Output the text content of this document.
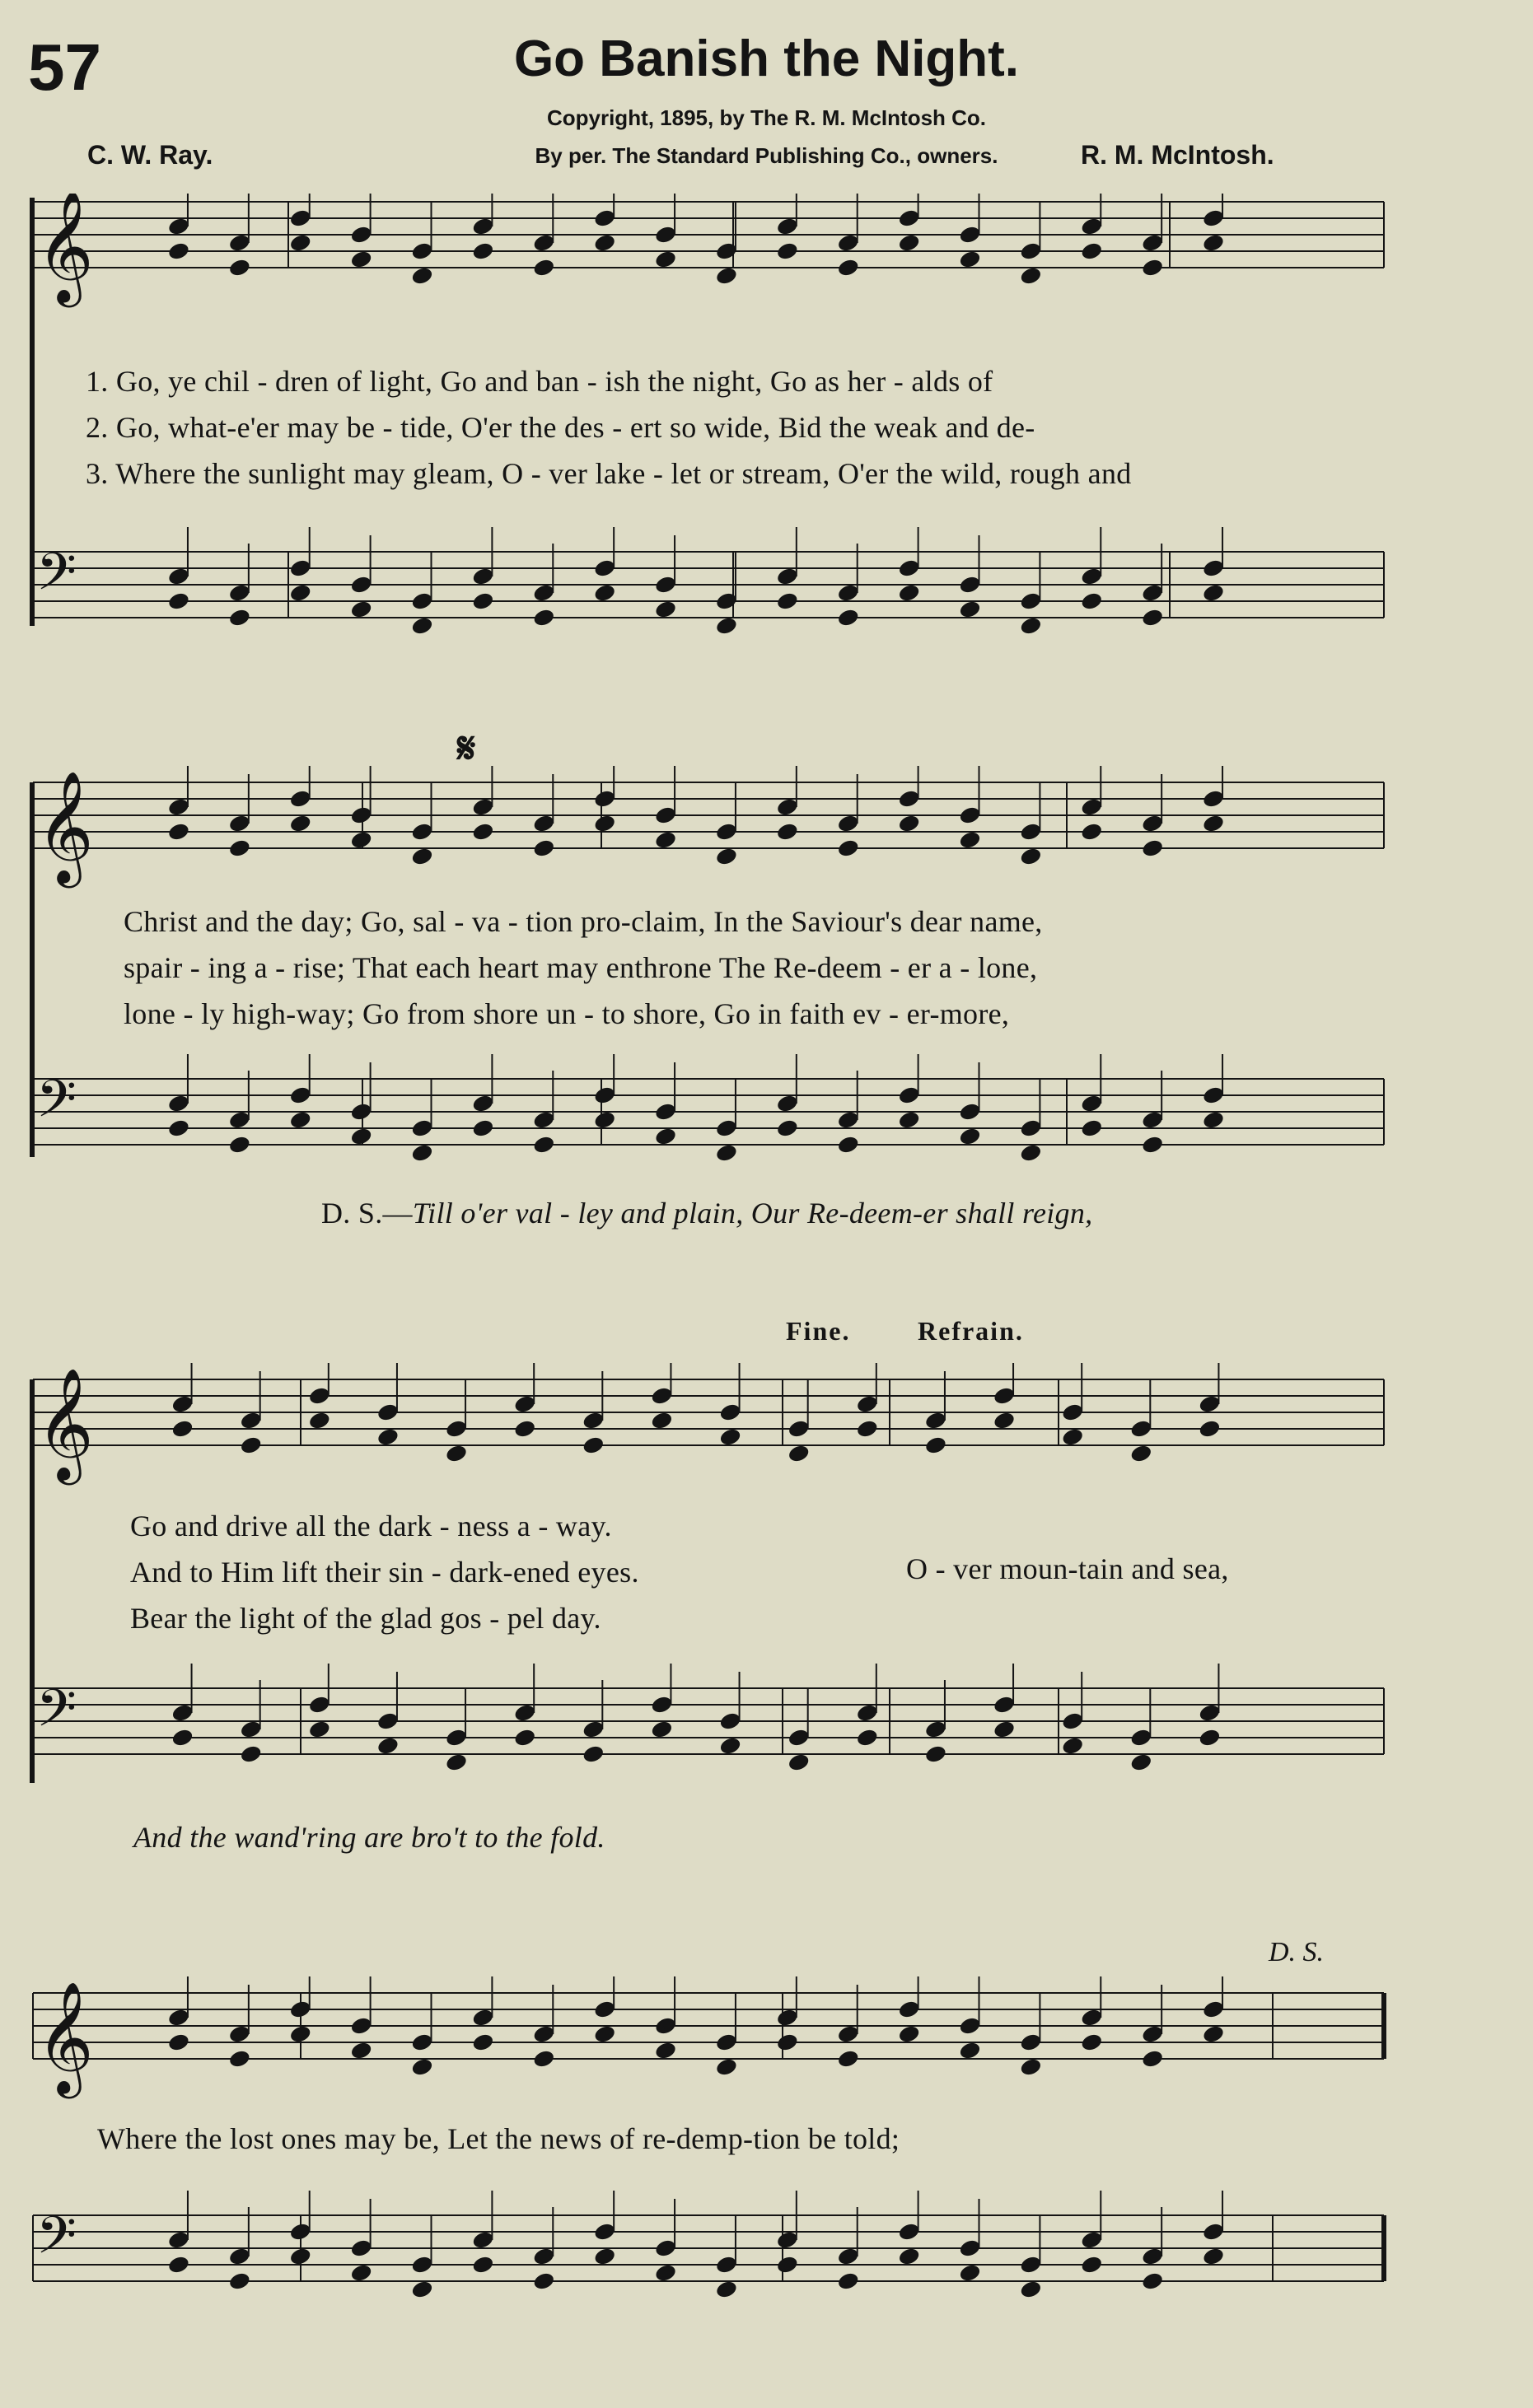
57	Go Banish the Night.
Copyright, 1895, by The R. M. McIntosh Co.
By per. The Standard Publishing Co., owners.
C. W. Ray.	R. M. McIntosh.
𝄞
𝄢
1. Go, ye chil - dren of light, Go and ban - ish the night, Go as her - alds of
2. Go, what-e'er may be - tide, O'er the des - ert so wide, Bid the weak and de-
3. Where the sunlight may gleam, O - ver lake - let or stream, O'er the wild, rough and
𝄋
𝄞
𝄢
Christ and the day; Go, sal - va - tion pro-claim, In the Saviour's dear name,
spair - ing a - rise; That each heart may enthrone The Re-deem - er a - lone,
lone - ly high-way; Go from shore un - to shore, Go in faith ev - er-more,
D. S.—Till o'er val - ley and plain, Our Re-deem-er shall reign,
Fine.	Refrain.
𝄞
𝄢
Go and drive all the dark - ness a - way.
And to Him lift their sin - dark-ened eyes.
Bear the light of the glad gos - pel day.
O - ver moun-tain and sea,
And the wand'ring are bro't to the fold.
D. S.
𝄞
𝄢
Where the lost ones may be, Let the news of re-demp-tion be told;
